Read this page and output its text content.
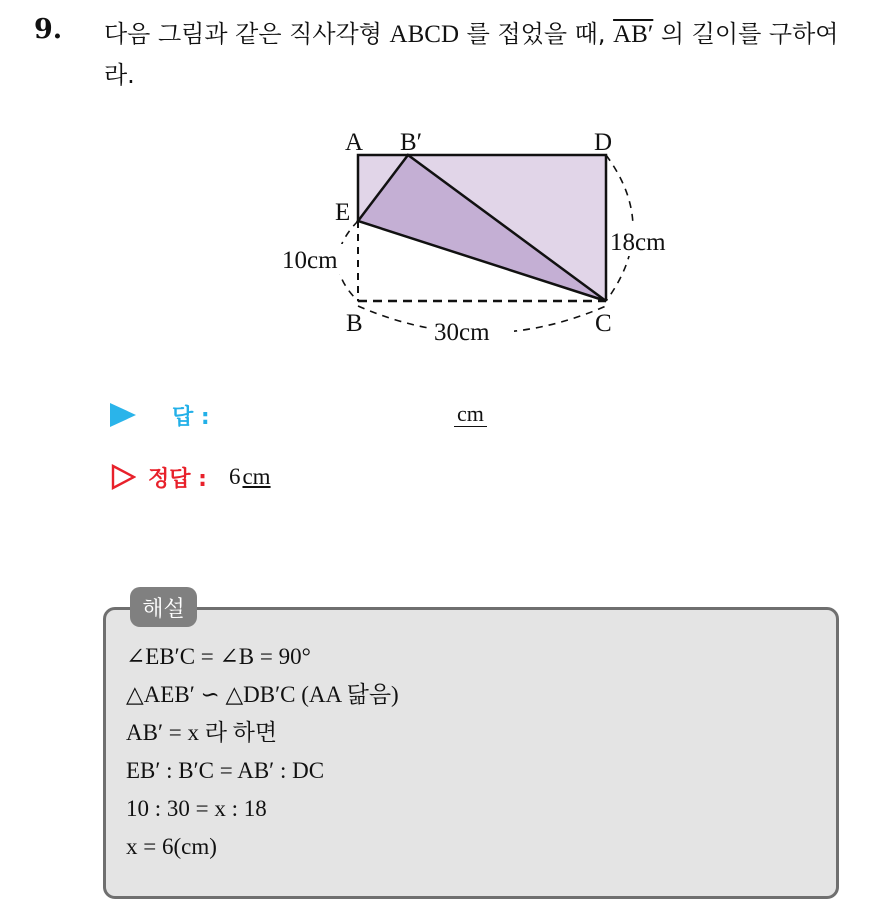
9. 다음 그림과 같은 직사각형 ABCD 를 접었을 때, AB′ 의 길이를 구하여라.
A B′	D
E
B	C
10cm
18cm
30cm
답 :	cm
정답 : 6cm
해설
∠EB′C = ∠B = 90°
△AEB′ ∽ △DB′C (AA 닮음)
AB′ = x 라 하면
EB′ : B′C = AB′ : DC
10 : 30 = x : 18
x = 6(cm)
